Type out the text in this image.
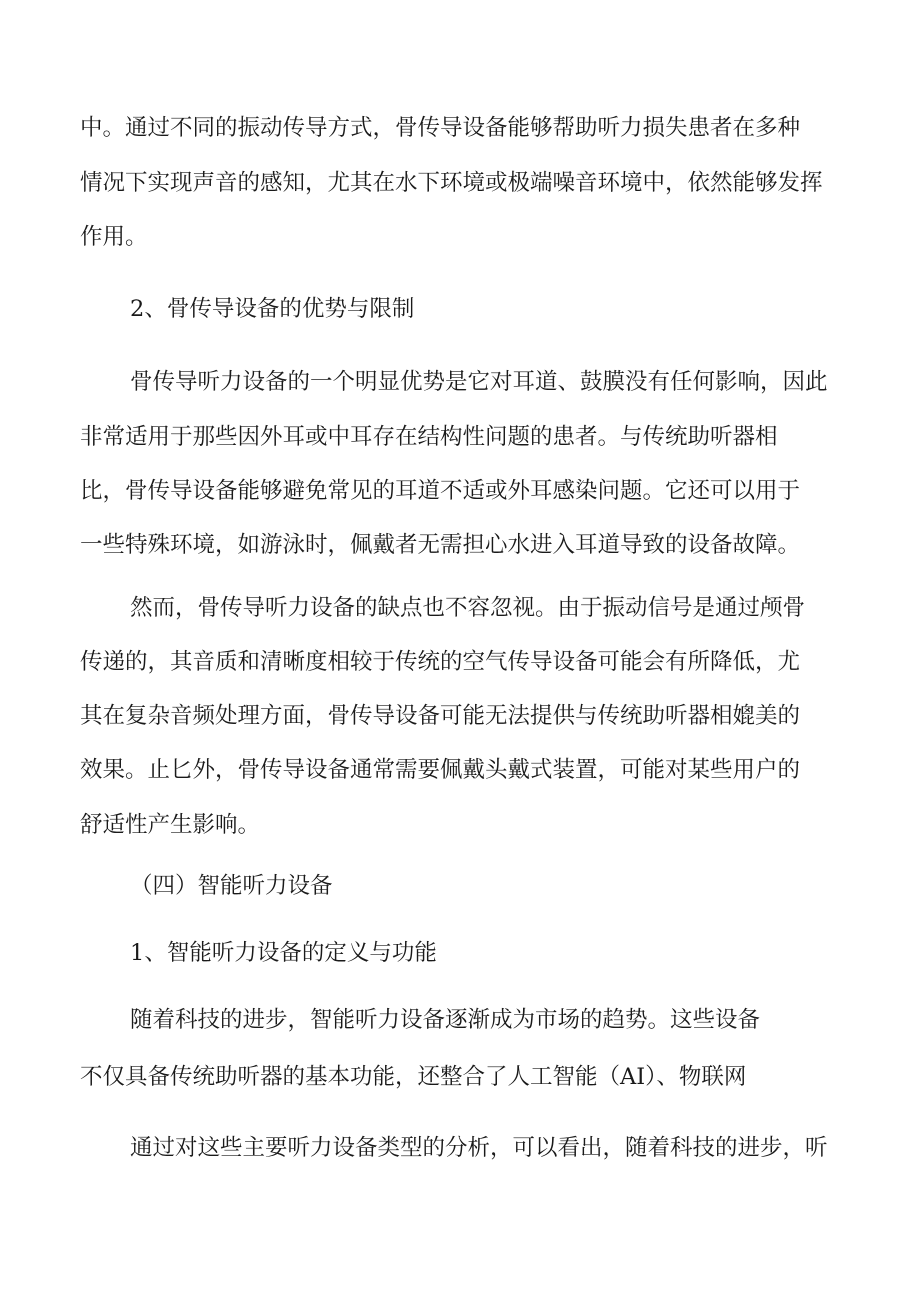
中。通过不同的振动传导方式，骨传导设备能够帮助听力损失患者在多种
情况下实现声音的感知，尤其在水下环境或极端噪音环境中，依然能够发挥
作用。
2、骨传导设备的优势与限制
骨传导听力设备的一个明显优势是它对耳道、鼓膜没有任何影响，因此
非常适用于那些因外耳或中耳存在结构性问题的患者。与传统助听器相
比，骨传导设备能够避免常见的耳道不适或外耳感染问题。它还可以用于
一些特殊环境，如游泳时，佩戴者无需担心水进入耳道导致的设备故障。
然而，骨传导听力设备的缺点也不容忽视。由于振动信号是通过颅骨
传递的，其音质和清晰度相较于传统的空气传导设备可能会有所降低，尤
其在复杂音频处理方面，骨传导设备可能无法提供与传统助听器相媲美的
效果。止匕外，骨传导设备通常需要佩戴头戴式装置，可能对某些用户的
舒适性产生影响。
（四）智能听力设备
1、智能听力设备的定义与功能
随着科技的进步，智能听力设备逐渐成为市场的趋势。这些设备
不仅具备传统助听器的基本功能，还整合了人工智能（AI）、物联网
通过对这些主要听力设备类型的分析，可以看出，随着科技的进步，听
